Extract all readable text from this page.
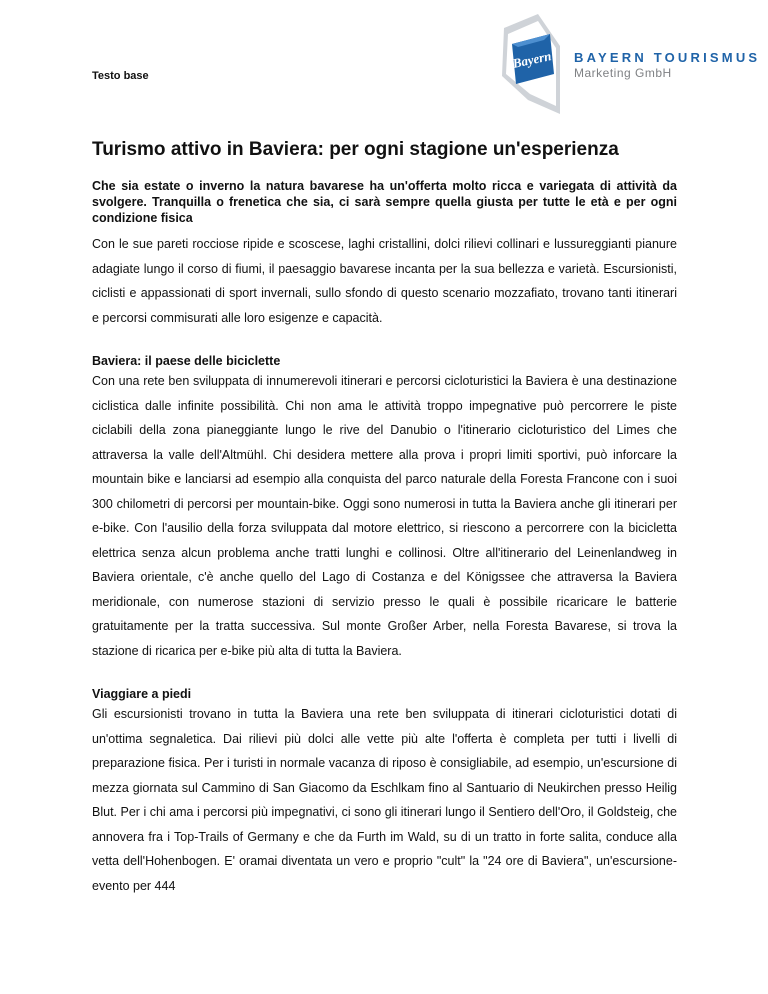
Testo base
Bayern BAYERN TOURISMUS
Marketing GmbH
Turismo attivo in Baviera: per ogni stagione un'esperienza

Che sia estate o inverno la natura bavarese ha un'offerta molto ricca e variegata di attività da svolgere. Tranquilla o frenetica che sia, ci sarà sempre quella giusta per tutte le età e per ogni condizione fisica

Con le sue pareti rocciose ripide e scoscese, laghi cristallini, dolci rilievi collinari e lussureggianti pianure adagiate lungo il corso di fiumi, il paesaggio bavarese incanta per la sua bellezza e varietà. Escursionisti, ciclisti e appassionati di sport invernali, sullo sfondo di questo scenario mozzafiato, trovano tanti itinerari e percorsi commisurati alle loro esigenze e capacità.

Baviera: il paese delle biciclette

Con una rete ben sviluppata di innumerevoli itinerari e percorsi cicloturistici la Baviera è una destinazione ciclistica dalle infinite possibilità. Chi non ama le attività troppo impegnative può percorrere le piste ciclabili della zona pianeggiante lungo le rive del Danubio o l'itinerario cicloturistico del Limes che attraversa la valle dell'Altmühl. Chi desidera mettere alla prova i propri limiti sportivi, può inforcare la mountain bike e lanciarsi ad esempio alla conquista del parco naturale della Foresta Francone con i suoi 300 chilometri di percorsi per mountain-bike. Oggi sono numerosi in tutta la Baviera anche gli itinerari per e-bike. Con l'ausilio della forza sviluppata dal motore elettrico, si riescono a percorrere con la bicicletta elettrica senza alcun problema anche tratti lunghi e collinosi. Oltre all'itinerario del Leinenlandweg in Baviera orientale, c'è anche quello del Lago di Costanza e del Königssee che attraversa la Baviera meridionale, con numerose stazioni di servizio presso le quali è possibile ricaricare le batterie gratuitamente per la tratta successiva. Sul monte Großer Arber, nella Foresta Bavarese, si trova la stazione di ricarica per e-bike più alta di tutta la Baviera.

Viaggiare a piedi

Gli escursionisti trovano in tutta la Baviera una rete ben sviluppata di itinerari cicloturistici dotati di un'ottima segnaletica. Dai rilievi più dolci alle vette più alte l'offerta è completa per tutti i livelli di preparazione fisica. Per i turisti in normale vacanza di riposo è consigliabile, ad esempio, un'escursione di mezza giornata sul Cammino di San Giacomo da Eschlkam fino al Santuario di Neukirchen presso Heilig Blut. Per i chi ama i percorsi più impegnativi, ci sono gli itinerari lungo il Sentiero dell'Oro, il Goldsteig, che annovera fra i Top-Trails of Germany e che da Furth im Wald, su di un tratto in forte salita, conduce alla vetta dell'Hohenbogen. E' oramai diventata un vero e proprio "cult" la "24 ore di Baviera", un'escursione-evento per 444
